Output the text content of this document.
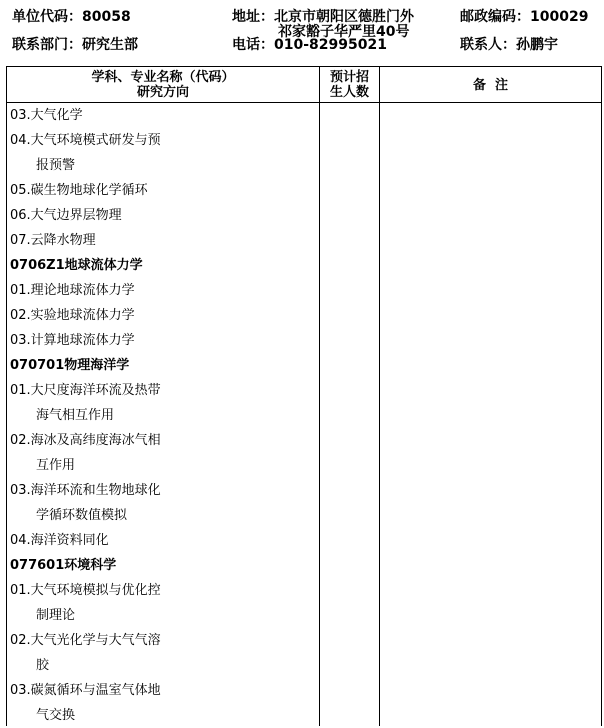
单位代码：80058
联系部门：研究生部
地址：北京市朝阳区德胜门外
祁家豁子华严里40号
电话：010-82995021
邮政编码：100029
联系人：孙鹏宇
学科、专业名称（代码）
研究方向
预计招
生人数	备  注
03.大气化学
04.大气环境模式研发与预
报预警
05.碳生物地球化学循环
06.大气边界层物理
07.云降水物理
0706Z1地球流体力学
01.理论地球流体力学
02.实验地球流体力学
03.计算地球流体力学
070701物理海洋学
01.大尺度海洋环流及热带
海气相互作用
02.海冰及高纬度海冰气相
互作用
03.海洋环流和生物地球化
学循环数值模拟
04.海洋资料同化
077601环境科学
01.大气环境模拟与优化控
制理论
02.大气光化学与大气气溶
胶
03.碳氮循环与温室气体地
气交换
